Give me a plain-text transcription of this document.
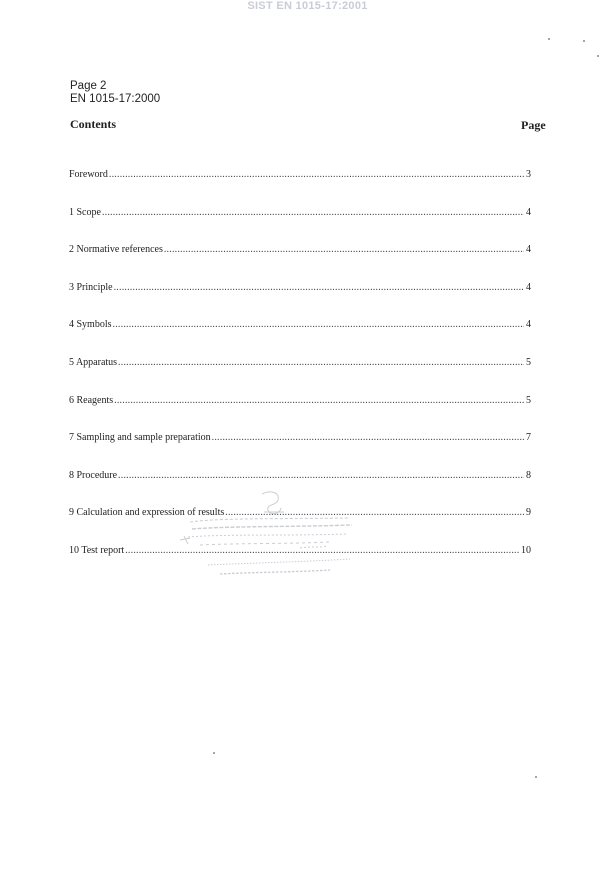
SIST EN 1015-17:2001
Page 2
EN 1015-17:2000
Contents	Page
Foreword .....	3
1 Scope .....	4
2 Normative references .....	4
3 Principle .....	4
4 Symbols .....	4
5 Apparatus .....	5
6 Reagents .....	5
7 Sampling and sample preparation .....	7
8 Procedure .....	8
9 Calculation and expression of results .....	9
10 Test report .....	10
